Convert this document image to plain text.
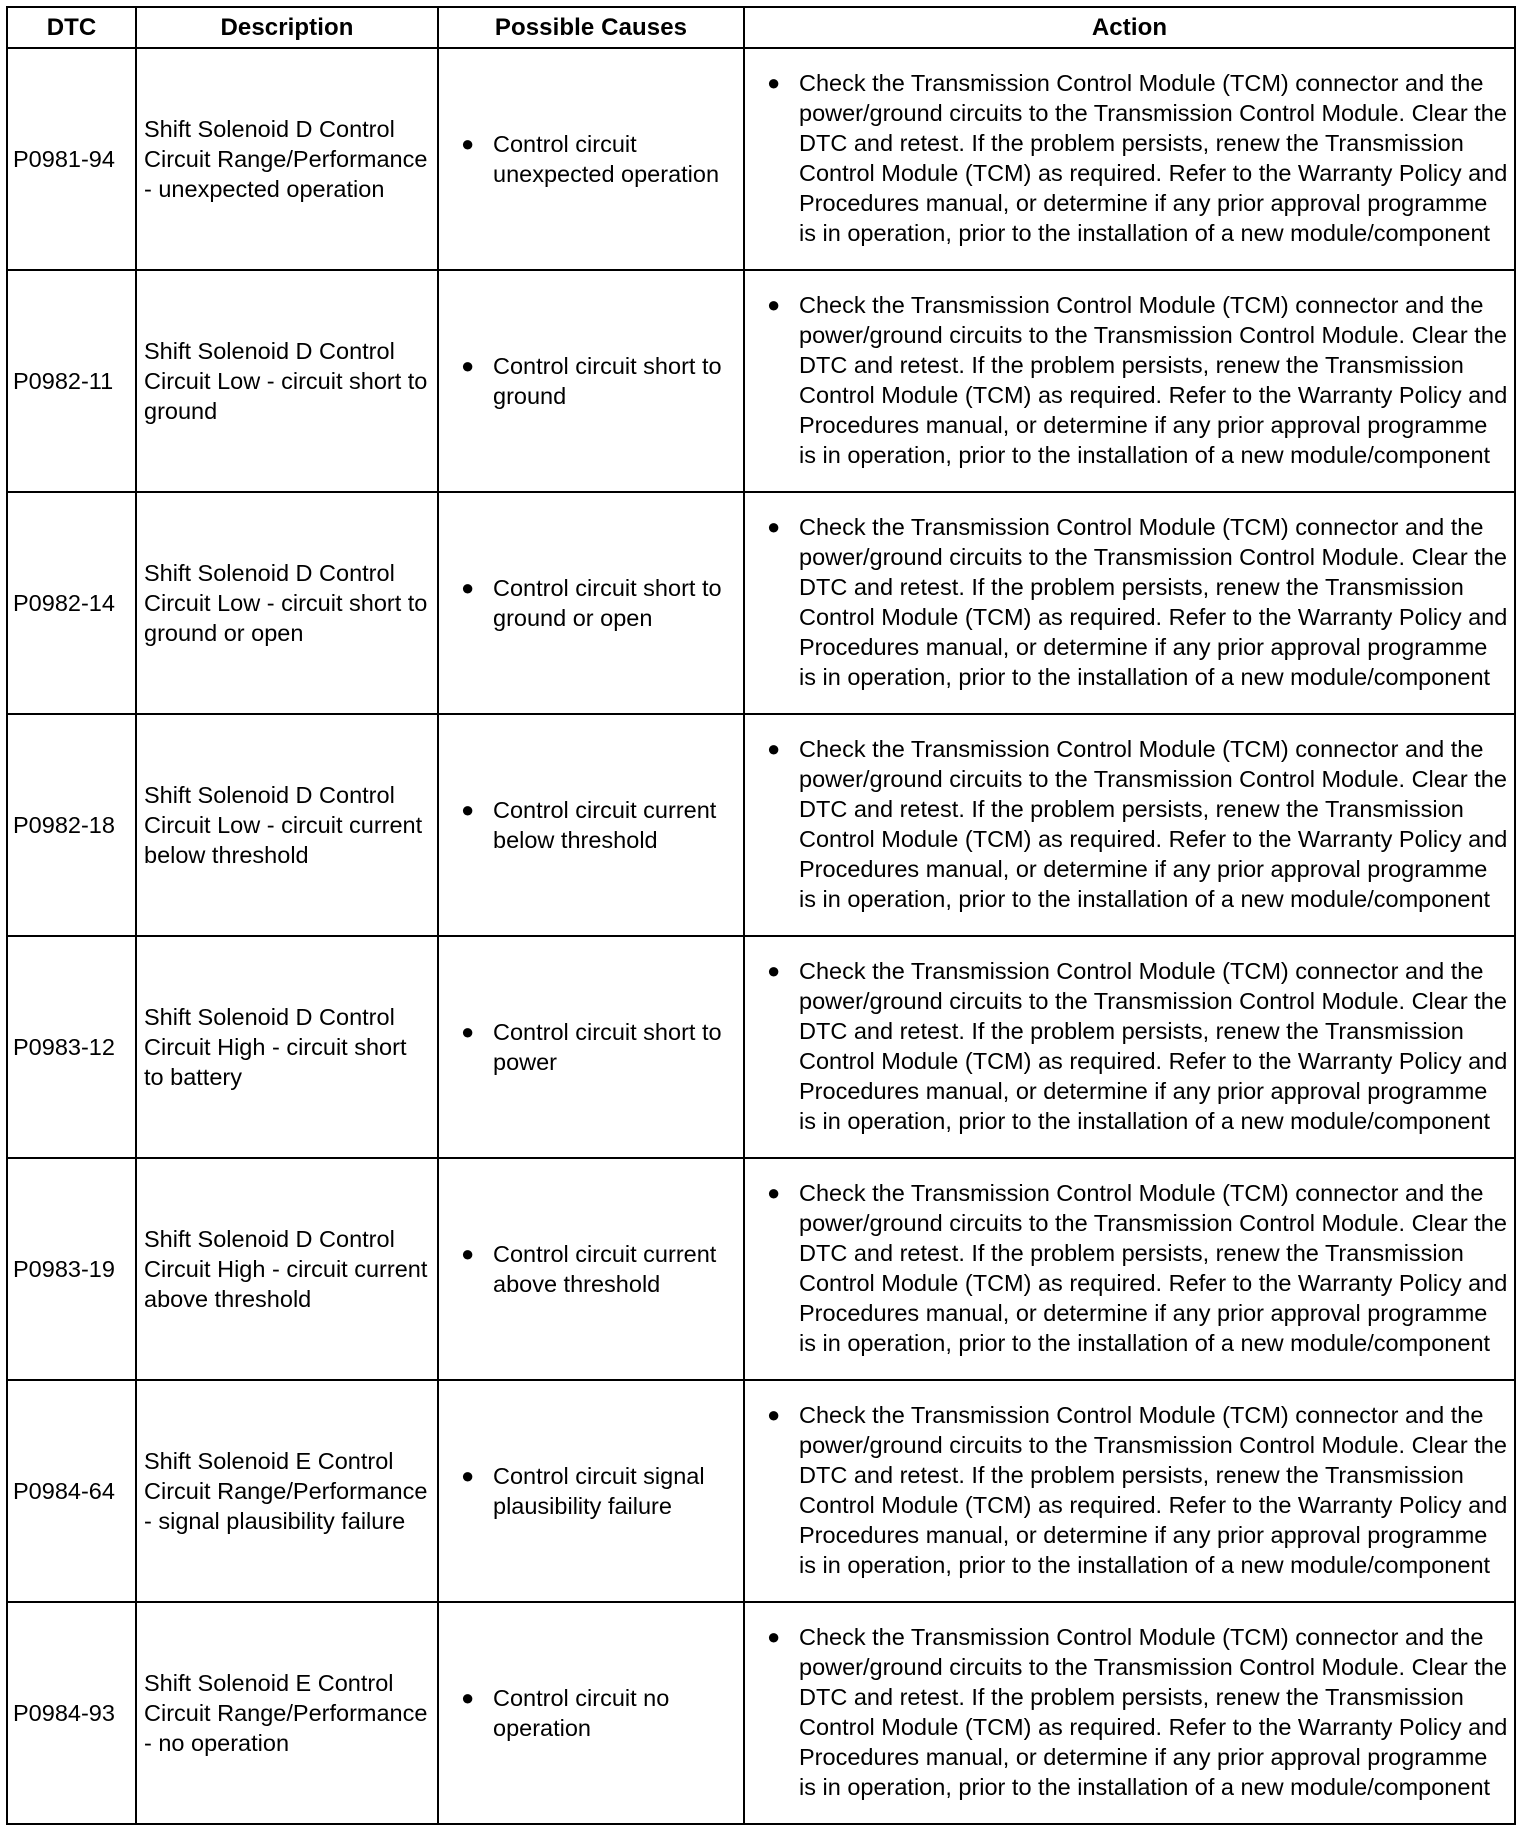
DTC	Description	Possible Causes	Action
P0981-94	Shift Solenoid D Control Circuit Range/Performance - unexpected operation	● Control circuit unexpected operation	● Check the Transmission Control Module (TCM) connector and the power/ground circuits to the Transmission Control Module. Clear the DTC and retest. If the problem persists, renew the Transmission Control Module (TCM) as required. Refer to the Warranty Policy and Procedures manual, or determine if any prior approval programme is in operation, prior to the installation of a new module/component

P0982-11	Shift Solenoid D Control Circuit Low - circuit short to ground	● Control circuit short to ground	● Check the Transmission Control Module (TCM) connector and the power/ground circuits to the Transmission Control Module. Clear the DTC and retest. If the problem persists, renew the Transmission Control Module (TCM) as required. Refer to the Warranty Policy and Procedures manual, or determine if any prior approval programme is in operation, prior to the installation of a new module/component

P0982-14	Shift Solenoid D Control Circuit Low - circuit short to ground or open	● Control circuit short to ground or open	● Check the Transmission Control Module (TCM) connector and the power/ground circuits to the Transmission Control Module. Clear the DTC and retest. If the problem persists, renew the Transmission Control Module (TCM) as required. Refer to the Warranty Policy and Procedures manual, or determine if any prior approval programme is in operation, prior to the installation of a new module/component

P0982-18	Shift Solenoid D Control Circuit Low - circuit current below threshold	● Control circuit current below threshold	● Check the Transmission Control Module (TCM) connector and the power/ground circuits to the Transmission Control Module. Clear the DTC and retest. If the problem persists, renew the Transmission Control Module (TCM) as required. Refer to the Warranty Policy and Procedures manual, or determine if any prior approval programme is in operation, prior to the installation of a new module/component

P0983-12	Shift Solenoid D Control Circuit High - circuit short to battery	● Control circuit short to power	● Check the Transmission Control Module (TCM) connector and the power/ground circuits to the Transmission Control Module. Clear the DTC and retest. If the problem persists, renew the Transmission Control Module (TCM) as required. Refer to the Warranty Policy and Procedures manual, or determine if any prior approval programme is in operation, prior to the installation of a new module/component

P0983-19	Shift Solenoid D Control Circuit High - circuit current above threshold	● Control circuit current above threshold	● Check the Transmission Control Module (TCM) connector and the power/ground circuits to the Transmission Control Module. Clear the DTC and retest. If the problem persists, renew the Transmission Control Module (TCM) as required. Refer to the Warranty Policy and Procedures manual, or determine if any prior approval programme is in operation, prior to the installation of a new module/component

P0984-64	Shift Solenoid E Control Circuit Range/Performance - signal plausibility failure	● Control circuit signal plausibility failure	● Check the Transmission Control Module (TCM) connector and the power/ground circuits to the Transmission Control Module. Clear the DTC and retest. If the problem persists, renew the Transmission Control Module (TCM) as required. Refer to the Warranty Policy and Procedures manual, or determine if any prior approval programme is in operation, prior to the installation of a new module/component

P0984-93	Shift Solenoid E Control Circuit Range/Performance - no operation	● Control circuit no operation	● Check the Transmission Control Module (TCM) connector and the power/ground circuits to the Transmission Control Module. Clear the DTC and retest. If the problem persists, renew the Transmission Control Module (TCM) as required. Refer to the Warranty Policy and Procedures manual, or determine if any prior approval programme is in operation, prior to the installation of a new module/component
